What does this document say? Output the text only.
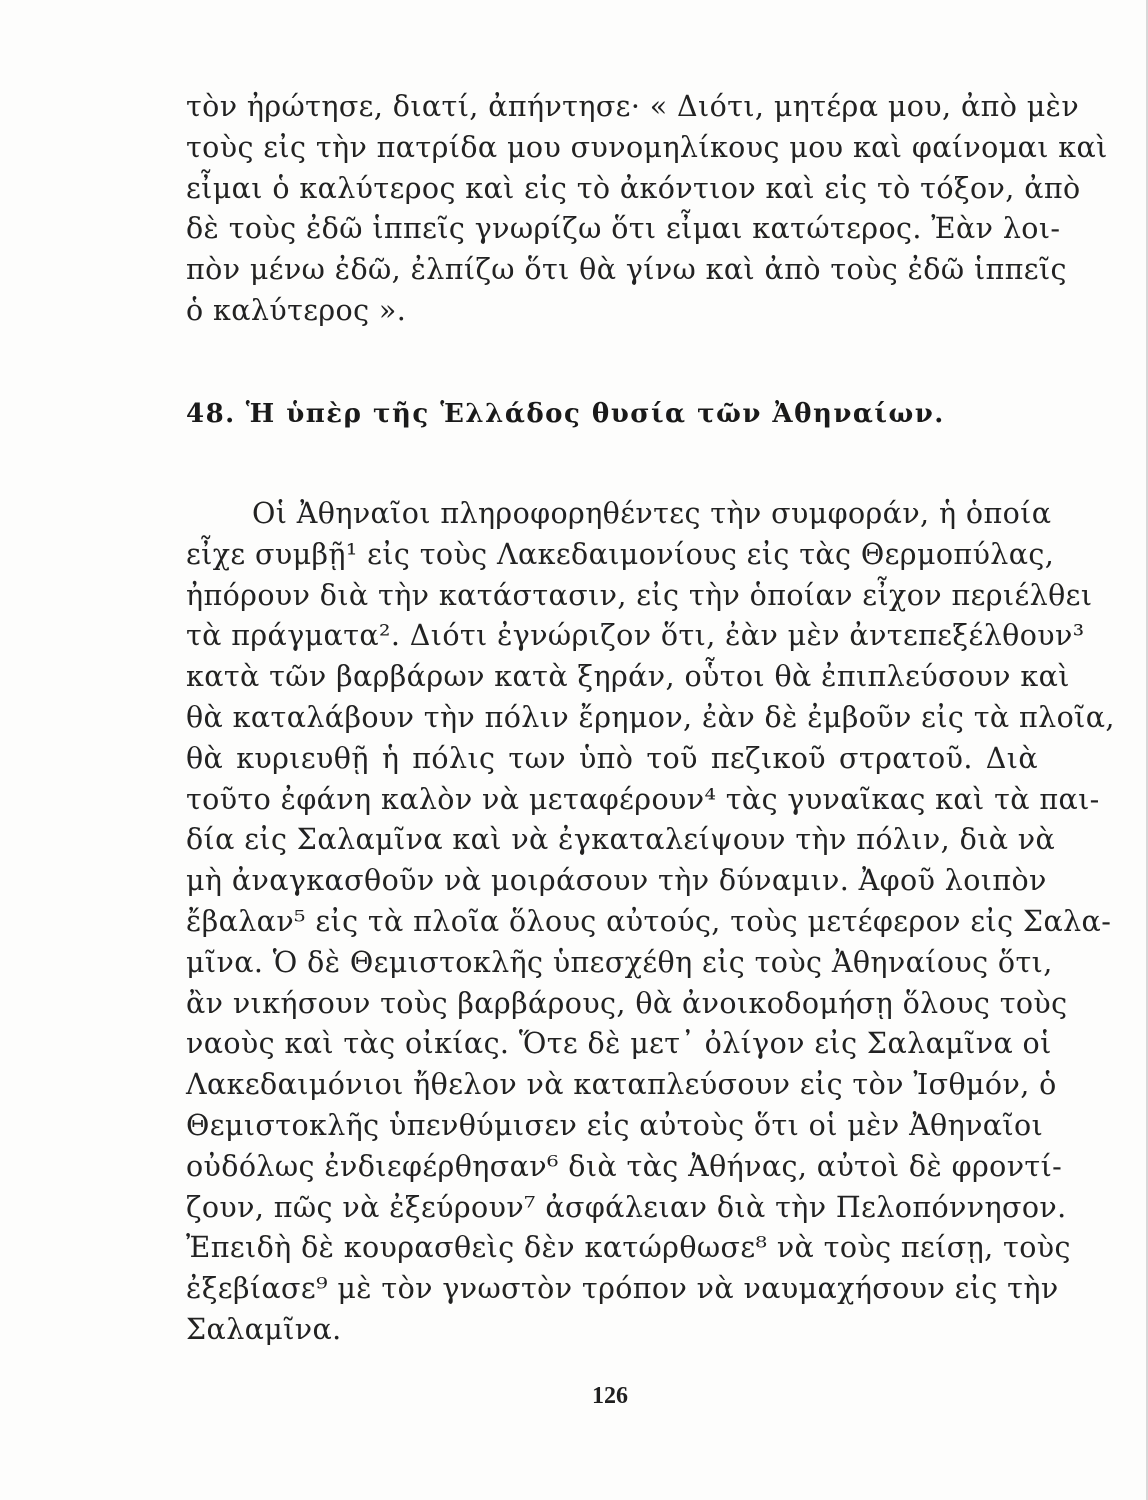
τὸν ἠρώτησε, διατί, ἀπήντησε· « Διότι, μητέρα μου, ἀπὸ μὲν
τοὺς εἰς τὴν πατρίδα μου συνομηλίκους μου καὶ φαίνομαι καὶ
εἶμαι ὁ καλύτερος καὶ εἰς τὸ ἀκόντιον καὶ εἰς τὸ τόξον, ἀπὸ
δὲ τοὺς ἐδῶ ἱππεῖς γνωρίζω ὅτι εἶμαι κατώτερος. Ἐὰν λοι-
πὸν μένω ἐδῶ, ἐλπίζω ὅτι θὰ γίνω καὶ ἀπὸ τοὺς ἐδῶ ἱππεῖς
ὁ καλύτερος ».
48. Ἡ ὑπὲρ τῆς Ἑλλάδος θυσία τῶν Ἀθηναίων.
Οἱ Ἀθηναῖοι πληροφορηθέντες τὴν συμφοράν, ἡ ὁποία
εἶχε συμβῇ¹ εἰς τοὺς Λακεδαιμονίους εἰς τὰς Θερμοπύλας,
ἠπόρουν διὰ τὴν κατάστασιν, εἰς τὴν ὁποίαν εἶχον περιέλθει
τὰ πράγματα². Διότι ἐγνώριζον ὅτι, ἐὰν μὲν ἀντεπεξέλθουν³
κατὰ τῶν βαρβάρων κατὰ ξηράν, οὗτοι θὰ ἐπιπλεύσουν καὶ
θὰ καταλάβουν τὴν πόλιν ἔρημον, ἐὰν δὲ ἐμβοῦν εἰς τὰ πλοῖα,
θὰ κυριευθῇ ἡ πόλις των ὑπὸ τοῦ πεζικοῦ στρατοῦ. Διὰ
τοῦτο ἐφάνη καλὸν νὰ μεταφέρουν⁴ τὰς γυναῖκας καὶ τὰ παι-
δία εἰς Σαλαμῖνα καὶ νὰ ἐγκαταλείψουν τὴν πόλιν, διὰ νὰ
μὴ ἀναγκασθοῦν νὰ μοιράσουν τὴν δύναμιν. Ἀφοῦ λοιπὸν
ἔβαλαν⁵ εἰς τὰ πλοῖα ὅλους αὐτούς, τοὺς μετέφερον εἰς Σαλα-
μῖνα. Ὁ δὲ Θεμιστοκλῆς ὑπεσχέθη εἰς τοὺς Ἀθηναίους ὅτι,
ἂν νικήσουν τοὺς βαρβάρους, θὰ ἀνοικοδομήσῃ ὅλους τοὺς
ναοὺς καὶ τὰς οἰκίας. Ὅτε δὲ μετ᾿ ὀλίγον εἰς Σαλαμῖνα οἱ
Λακεδαιμόνιοι ἤθελον νὰ καταπλεύσουν εἰς τὸν Ἰσθμόν, ὁ
Θεμιστοκλῆς ὑπενθύμισεν εἰς αὐτοὺς ὅτι οἱ μὲν Ἀθηναῖοι
οὐδόλως ἐνδιεφέρθησαν⁶ διὰ τὰς Ἀθήνας, αὐτοὶ δὲ φροντί-
ζουν, πῶς νὰ ἐξεύρουν⁷ ἀσφάλειαν διὰ τὴν Πελοπόννησον.
Ἐπειδὴ δὲ κουρασθεὶς δὲν κατώρθωσε⁸ νὰ τοὺς πείσῃ, τοὺς
ἐξεβίασε⁹ μὲ τὸν γνωστὸν τρόπον νὰ ναυμαχήσουν εἰς τὴν
Σαλαμῖνα.
126
